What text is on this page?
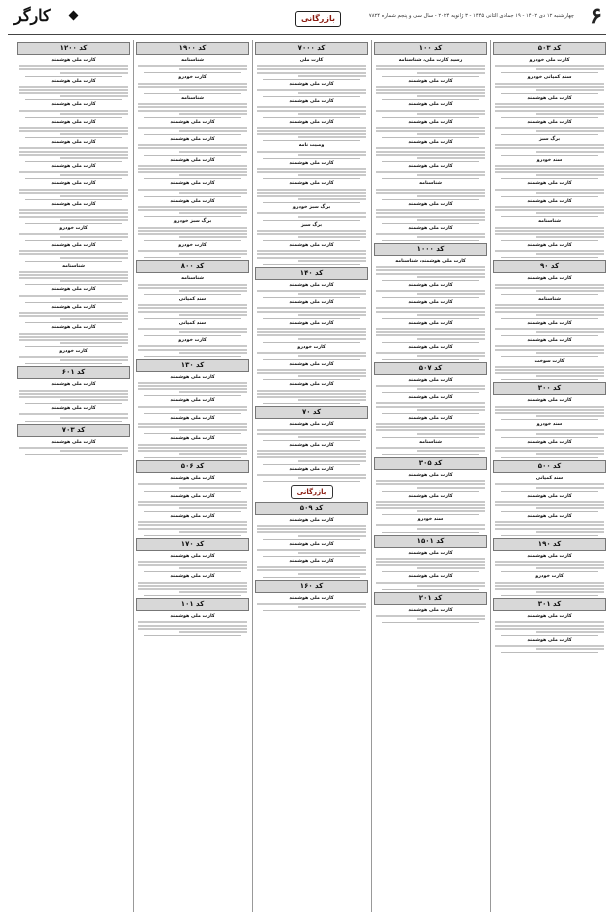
۶
چهارشنبه ۱۲ دی ۱۴۰۲ - ۱۹ جمادی الثانی ۱۴۴۵ - ۳ ژانویه ۲۰۲۴ - سال سی و پنجم شماره ۷۸۲۴
بازرگانی
کارگر
کد ۵۰۳
کارت ملی خودرو
سند کمپانی خودرو
کارت ملی هوشمند
کارت ملی هوشمند
برگ سبز
سند خودرو
کارت ملی هوشمند
کارت ملی هوشمند
شناسنامه
کارت ملی هوشمند
کد ۹۰
کارت ملی هوشمند
شناسنامه
کارت ملی هوشمند
کارت ملی هوشمند
کارت سوخت
کد ۳۰۰
کارت ملی هوشمند
سند خودرو
کارت ملی هوشمند
کد ۵۰۰
سند کمپانی
کارت ملی هوشمند
کارت ملی هوشمند
کد ۱۹۰
کارت ملی هوشمند
کارت خودرو
کد ۳۰۱
کارت ملی هوشمند
کارت ملی هوشمند
کد ۱۰۰
رسید کارت ملی، شناسنامه
کارت ملی هوشمند
کارت ملی هوشمند
کارت ملی هوشمند
کارت ملی هوشمند
کارت ملی هوشمند
شناسنامه
کارت ملی هوشمند
کارت ملی هوشمند
کد ۱۰۰۰
کارت ملی هوشمند، شناسنامه
کارت ملی هوشمند
کارت ملی هوشمند
کارت ملی هوشمند
کارت ملی هوشمند
کد ۵۰۷
کارت ملی هوشمند
کارت ملی هوشمند
کارت ملی هوشمند
شناسنامه
کد ۳۰۵
کارت ملی هوشمند
کارت ملی هوشمند
سند خودرو
کد ۱۵۰۱
کارت ملی هوشمند
کارت ملی هوشمند
کد ۲۰۱
کارت ملی هوشمند
کد ۷۰۰۰
کارت ملی
کارت ملی هوشمند
کارت ملی هوشمند
کارت ملی هوشمند
وصیت نامه
کارت ملی هوشمند
کارت ملی هوشمند
برگ سبز خودرو
برگ سبز
کارت ملی هوشمند
کد ۱۴۰
کارت ملی هوشمند
کارت ملی هوشمند
کارت ملی هوشمند
کارت خودرو
کارت ملی هوشمند
کارت ملی هوشمند
کد ۷۰
کارت ملی هوشمند
کارت ملی هوشمند
کارت ملی هوشمند
بازرگانی
کد ۵۰۹
کارت ملی هوشمند
کارت ملی هوشمند
کارت ملی هوشمند
کد ۱۶۰
کارت ملی هوشمند
کد ۱۹۰۰
شناسنامه
کارت خودرو
شناسنامه
کارت ملی هوشمند
کارت ملی هوشمند
کارت ملی هوشمند
کارت ملی هوشمند
کارت ملی هوشمند
برگ سبز خودرو
کارت خودرو
کد ۸۰۰
شناسنامه
سند کمپانی
سند کمپانی
کارت خودرو
کد ۱۳۰
کارت ملی هوشمند
کارت ملی هوشمند
کارت ملی هوشمند
کارت ملی هوشمند
کد ۵۰۶
کارت ملی هوشمند
کارت ملی هوشمند
کارت ملی هوشمند
کد ۱۷۰
کارت ملی هوشمند
کارت ملی هوشمند
کد ۱۰۱
کارت ملی هوشمند
کد ۱۲۰۰
کارت ملی هوشمند
کارت ملی هوشمند
کارت ملی هوشمند
کارت ملی هوشمند
کارت ملی هوشمند
کارت ملی هوشمند
کارت ملی هوشمند
کارت ملی هوشمند
کارت خودرو
کارت ملی هوشمند
شناسنامه
کارت ملی هوشمند
کارت ملی هوشمند
کارت ملی هوشمند
کارت خودرو
کد ۶۰۱
کارت ملی هوشمند
کارت ملی هوشمند
کد ۷۰۳
کارت ملی هوشمند
